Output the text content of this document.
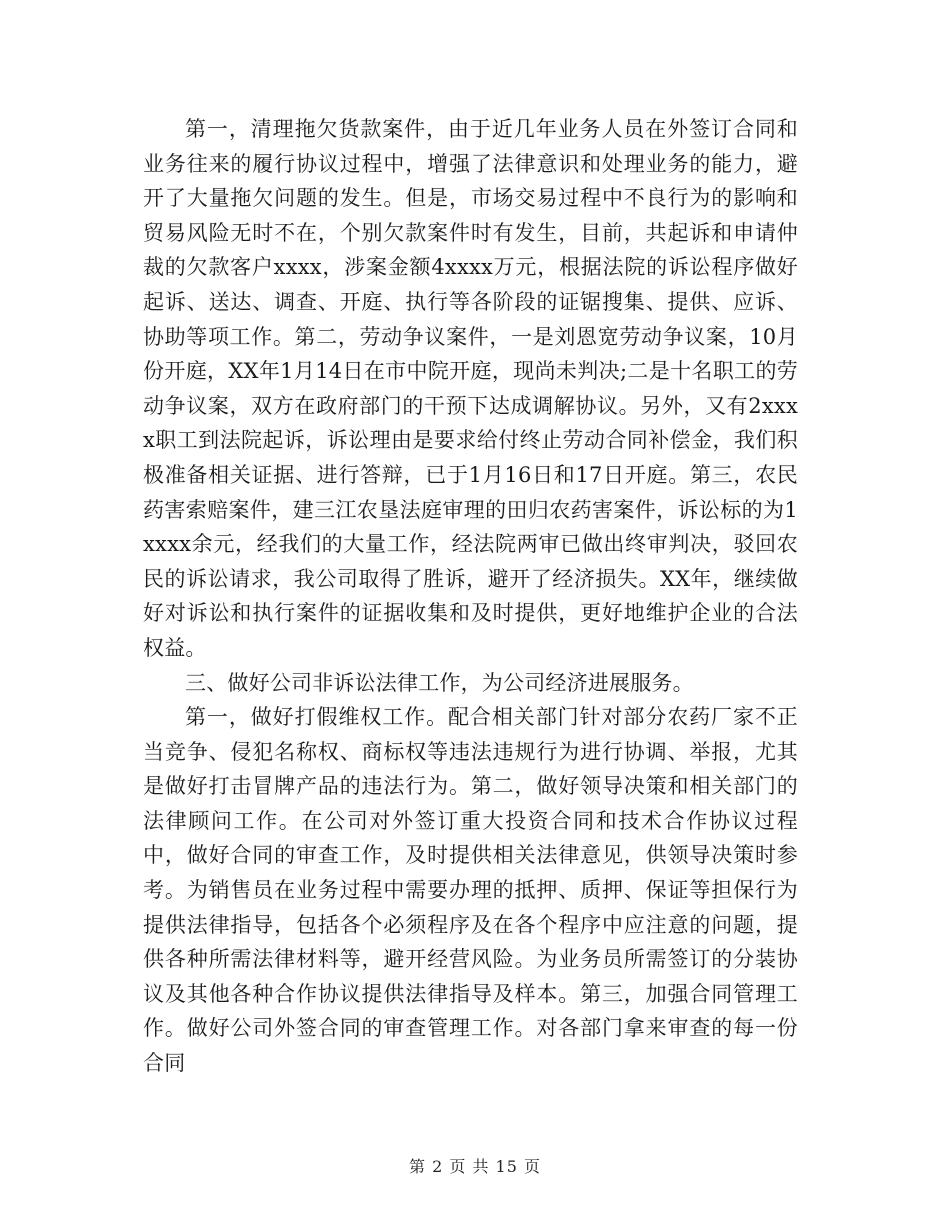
第一，清理拖欠货款案件，由于近几年业务人员在外签订合同和业务往来的履行协议过程中，增强了法律意识和处理业务的能力，避开了大量拖欠问题的发生。但是，市场交易过程中不良行为的影响和贸易风险无时不在，个别欠款案件时有发生，目前，共起诉和申请仲裁的欠款客户xxxx，涉案金额4xxxx万元，根据法院的诉讼程序做好起诉、送达、调查、开庭、执行等各阶段的证锯搜集、提供、应诉、协助等项工作。第二，劳动争议案件，一是刘恩宽劳动争议案，10月份开庭，XX年1月14日在市中院开庭，现尚未判决;二是十名职工的劳动争议案，双方在政府部门的干预下达成调解协议。另外，又有2xxxx职工到法院起诉，诉讼理由是要求给付终止劳动合同补偿金，我们积极准备相关证据、进行答辩，已于1月16日和17日开庭。第三，农民药害索赔案件，建三江农垦法庭审理的田归农药害案件，诉讼标的为1xxxx余元，经我们的大量工作，经法院两审已做出终审判决，驳回农民的诉讼请求，我公司取得了胜诉，避开了经济损失。XX年，继续做好对诉讼和执行案件的证据收集和及时提供，更好地维护企业的合法权益。

三、做好公司非诉讼法律工作，为公司经济进展服务。

第一，做好打假维权工作。配合相关部门针对部分农药厂家不正当竞争、侵犯名称权、商标权等违法违规行为进行协调、举报，尤其是做好打击冒牌产品的违法行为。第二，做好领导决策和相关部门的法律顾问工作。在公司对外签订重大投资合同和技术合作协议过程中，做好合同的审查工作，及时提供相关法律意见，供领导决策时参考。为销售员在业务过程中需要办理的抵押、质押、保证等担保行为提供法律指导，包括各个必须程序及在各个程序中应注意的问题，提供各种所需法律材料等，避开经营风险。为业务员所需签订的分装协议及其他各种合作协议提供法律指导及样本。第三，加强合同管理工作。做好公司外签合同的审查管理工作。对各部门拿来审查的每一份合同

第 2 页 共 15 页
